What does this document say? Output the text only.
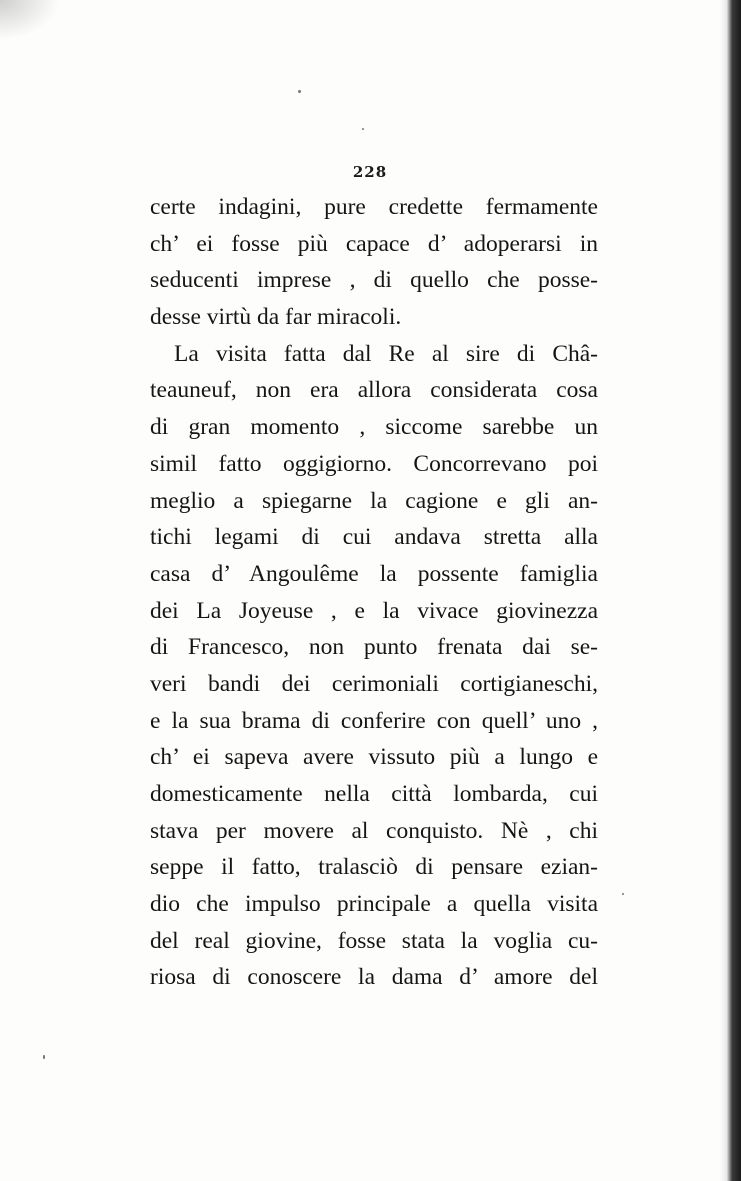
228
certe indagini, pure credette fermamente
ch’ ei fosse più capace d’ adoperarsi in
seducenti imprese , di quello che posse-
desse virtù da far miracoli.
La visita fatta dal Re al sire di Châ-
teauneuf, non era allora considerata cosa
di gran momento , siccome sarebbe un
simil fatto oggigiorno. Concorrevano poi
meglio a spiegarne la cagione e gli an-
tichi legami di cui andava stretta alla
casa d’ Angoulême la possente famiglia
dei La Joyeuse , e la vivace giovinezza
di Francesco, non punto frenata dai se-
veri bandi dei cerimoniali cortigianeschi,
e la sua brama di conferire con quell’ uno ,
ch’ ei sapeva avere vissuto più a lungo e
domesticamente nella città lombarda, cui
stava per movere al conquisto. Nè , chi
seppe il fatto, tralasciò di pensare ezian-
dio che impulso principale a quella visita
del real giovine, fosse stata la voglia cu-
riosa di conoscere la dama d’ amore del
